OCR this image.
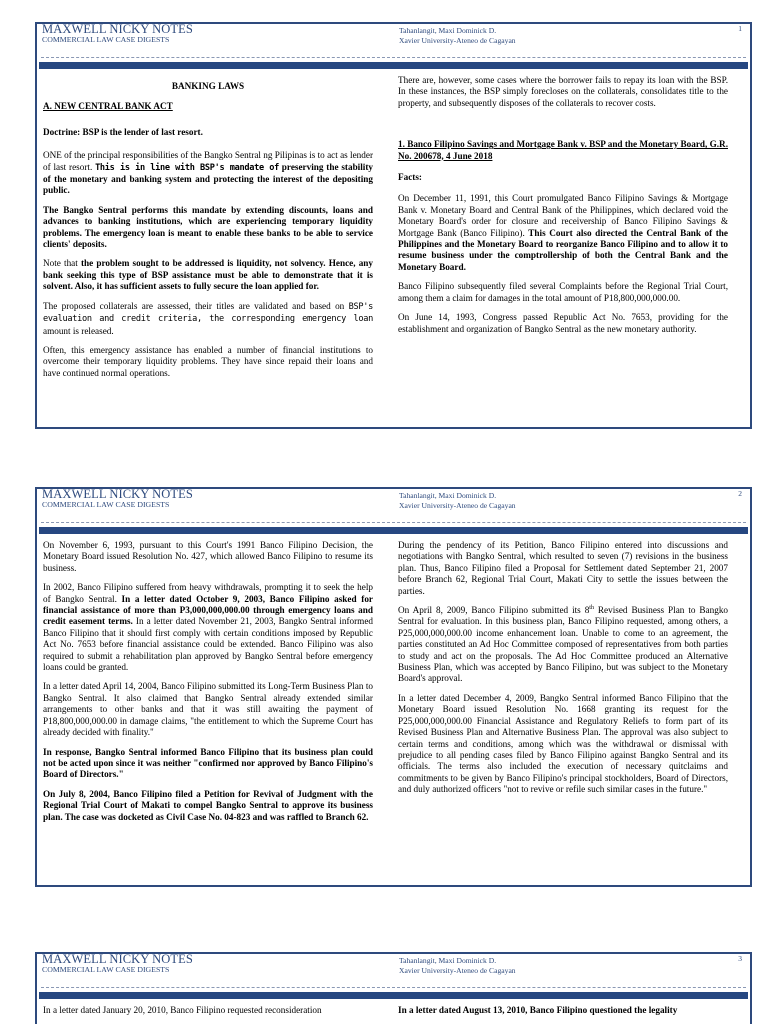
MAXWELL NICKY NOTES
COMMERCIAL LAW CASE DIGESTS
Tahanlangit, Maxi Dominick D.
Xavier University-Ateneo de Cagayan
1

BANKING LAWS

A. NEW CENTRAL BANK ACT

Doctrine: BSP is the lender of last resort.

ONE of the principal responsibilities of the Bangko Sentral ng Pilipinas is to act as lender of last resort. This is in line with BSP's mandate of preserving the stability of the monetary and banking system and protecting the interest of the depositing public.

The Bangko Sentral performs this mandate by extending discounts, loans and advances to banking institutions, which are experiencing temporary liquidity problems. The emergency loan is meant to enable these banks to be able to service clients' deposits.

Note that the problem sought to be addressed is liquidity, not solvency. Hence, any bank seeking this type of BSP assistance must be able to demonstrate that it is solvent. Also, it has sufficient assets to fully secure the loan applied for.

The proposed collaterals are assessed, their titles are validated and based on BSP's evaluation and credit criteria, the corresponding emergency loan amount is released.

Often, this emergency assistance has enabled a number of financial institutions to overcome their temporary liquidity problems. They have since repaid their loans and have continued normal operations.

There are, however, some cases where the borrower fails to repay its loan with the BSP. In these instances, the BSP simply forecloses on the collaterals, consolidates title to the property, and subsequently disposes of the collaterals to recover costs.

1. Banco Filipino Savings and Mortgage Bank v. BSP and the Monetary Board, G.R. No. 200678, 4 June 2018

Facts:

On December 11, 1991, this Court promulgated Banco Filipino Savings & Mortgage Bank v. Monetary Board and Central Bank of the Philippines, which declared void the Monetary Board's order for closure and receivership of Banco Filipino Savings & Mortgage Bank (Banco Filipino). This Court also directed the Central Bank of the Philippines and the Monetary Board to reorganize Banco Filipino and to allow it to resume business under the comptrollership of both the Central Bank and the Monetary Board.

Banco Filipino subsequently filed several Complaints before the Regional Trial Court, among them a claim for damages in the total amount of P18,800,000,000.00.

On June 14, 1993, Congress passed Republic Act No. 7653, providing for the establishment and organization of Bangko Sentral as the new monetary authority.

MAXWELL NICKY NOTES
COMMERCIAL LAW CASE DIGESTS
Tahanlangit, Maxi Dominick D.
Xavier University-Ateneo de Cagayan
2

On November 6, 1993, pursuant to this Court's 1991 Banco Filipino Decision, the Monetary Board issued Resolution No. 427, which allowed Banco Filipino to resume its business.

In 2002, Banco Filipino suffered from heavy withdrawals, prompting it to seek the help of Bangko Sentral. In a letter dated October 9, 2003, Banco Filipino asked for financial assistance of more than P3,000,000,000.00 through emergency loans and credit easement terms. In a letter dated November 21, 2003, Bangko Sentral informed Banco Filipino that it should first comply with certain conditions imposed by Republic Act No. 7653 before financial assistance could be extended. Banco Filipino was also required to submit a rehabilitation plan approved by Bangko Sentral before emergency loans could be granted.

In a letter dated April 14, 2004, Banco Filipino submitted its Long-Term Business Plan to Bangko Sentral. It also claimed that Bangko Sentral already extended similar arrangements to other banks and that it was still awaiting the payment of P18,800,000,000.00 in damage claims, "the entitlement to which the Supreme Court has already decided with finality."

In response, Bangko Sentral informed Banco Filipino that its business plan could not be acted upon since it was neither "confirmed nor approved by Banco Filipino's Board of Directors."

On July 8, 2004, Banco Filipino filed a Petition for Revival of Judgment with the Regional Trial Court of Makati to compel Bangko Sentral to approve its business plan. The case was docketed as Civil Case No. 04-823 and was raffled to Branch 62.

During the pendency of its Petition, Banco Filipino entered into discussions and negotiations with Bangko Sentral, which resulted to seven (7) revisions in the business plan. Thus, Banco Filipino filed a Proposal for Settlement dated September 21, 2007 before Branch 62, Regional Trial Court, Makati City to settle the issues between the parties.

On April 8, 2009, Banco Filipino submitted its 8th Revised Business Plan to Bangko Sentral for evaluation. In this business plan, Banco Filipino requested, among others, a P25,000,000,000.00 income enhancement loan. Unable to come to an agreement, the parties constituted an Ad Hoc Committee composed of representatives from both parties to study and act on the proposals. The Ad Hoc Committee produced an Alternative Business Plan, which was accepted by Banco Filipino, but was subject to the Monetary Board's approval.

In a letter dated December 4, 2009, Bangko Sentral informed Banco Filipino that the Monetary Board issued Resolution No. 1668 granting its request for the P25,000,000,000.00 Financial Assistance and Regulatory Reliefs to form part of its Revised Business Plan and Alternative Business Plan. The approval was also subject to certain terms and conditions, among which was the withdrawal or dismissal with prejudice to all pending cases filed by Banco Filipino against Bangko Sentral and its officials. The terms also included the execution of necessary quitclaims and commitments to be given by Banco Filipino's principal stockholders, Board of Directors, and duly authorized officers "not to revive or refile such similar cases in the future."

MAXWELL NICKY NOTES
COMMERCIAL LAW CASE DIGESTS
Tahanlangit, Maxi Dominick D.
Xavier University-Ateneo de Cagayan
3

In a letter dated January 20, 2010, Banco Filipino requested reconsideration	In a letter dated August 13, 2010, Banco Filipino questioned the legality
